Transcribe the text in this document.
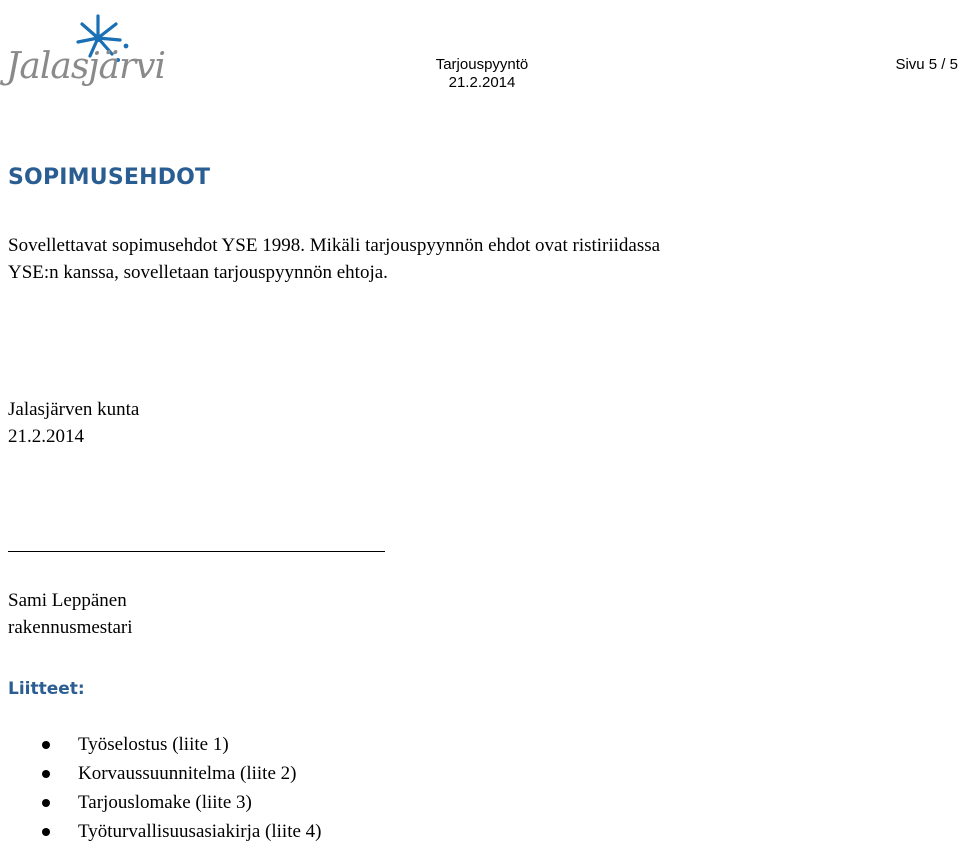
Jalasjärvi	Tarjouspyyntö
21.2.2014
Sivu 5 / 5
SOPIMUSEHDOT

Sovellettavat sopimusehdot YSE 1998. Mikäli tarjouspyynnön ehdot ovat ristiriidassa
YSE:n kanssa, sovelletaan tarjouspyynnön ehtoja.

Jalasjärven kunta
21.2.2014

Sami Leppänen
rakennusmestari

Liitteet:
Työselostus (liite 1)
Korvaussuunnitelma (liite 2)
Tarjouslomake (liite 3)
Työturvallisuusasiakirja (liite 4)
